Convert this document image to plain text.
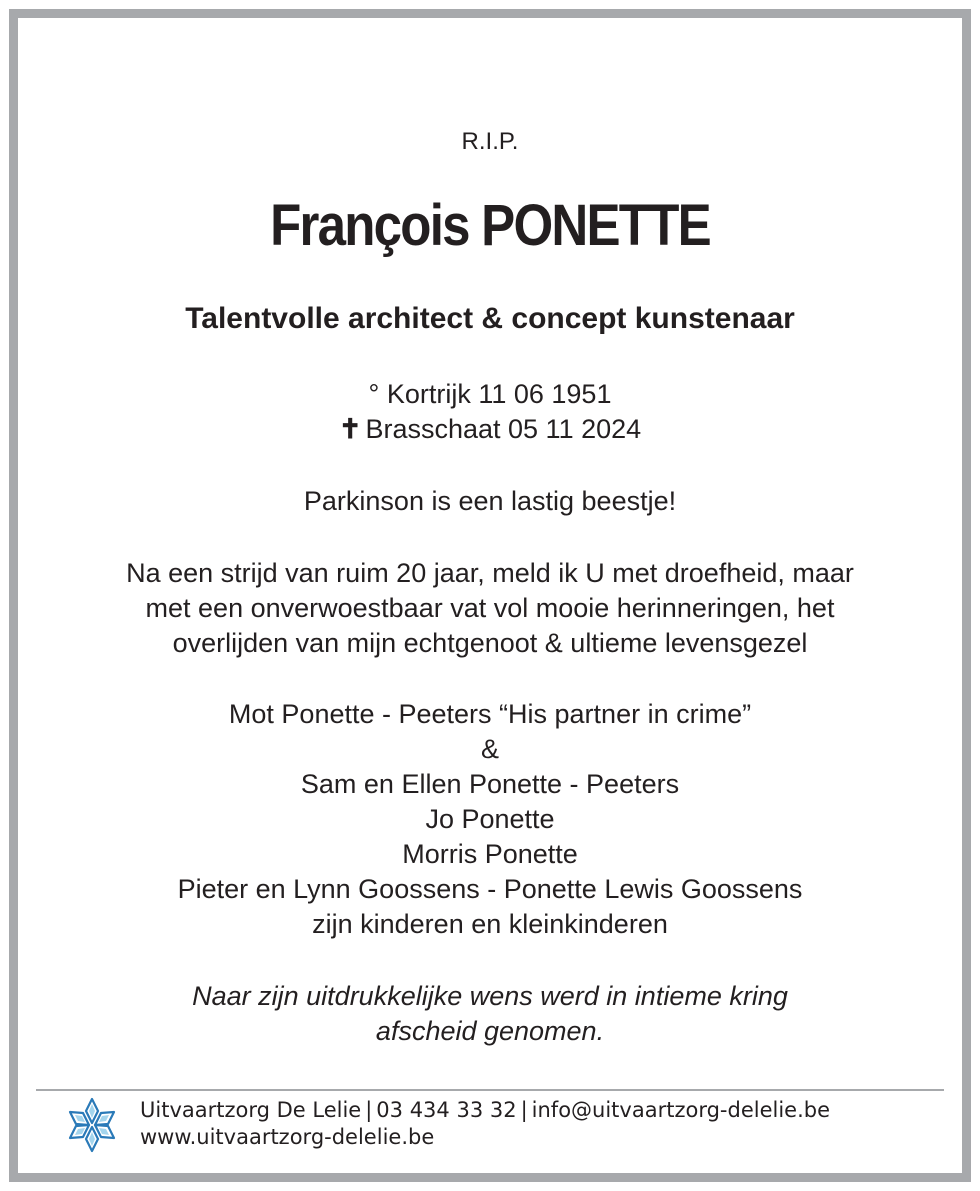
R.I.P.
François PONETTE
Talentvolle architect & concept kunstenaar
° Kortrijk 11 06 1951
✝ Brasschaat 05 11 2024
Parkinson is een lastig beestje!
Na een strijd van ruim 20 jaar, meld ik U met droefheid, maar
met een onverwoestbaar vat vol mooie herinneringen, het
overlijden van mijn echtgenoot & ultieme levensgezel
Mot Ponette - Peeters “His partner in crime”
&
Sam en Ellen Ponette - Peeters
Jo Ponette
Morris Ponette
Pieter en Lynn Goossens - Ponette Lewis Goossens
zijn kinderen en kleinkinderen
Naar zijn uitdrukkelijke wens werd in intieme kring
afscheid genomen.
Uitvaartzorg De Lelie | 03 434 33 32 | info@uitvaartzorg-delelie.be
www.uitvaartzorg-delelie.be
